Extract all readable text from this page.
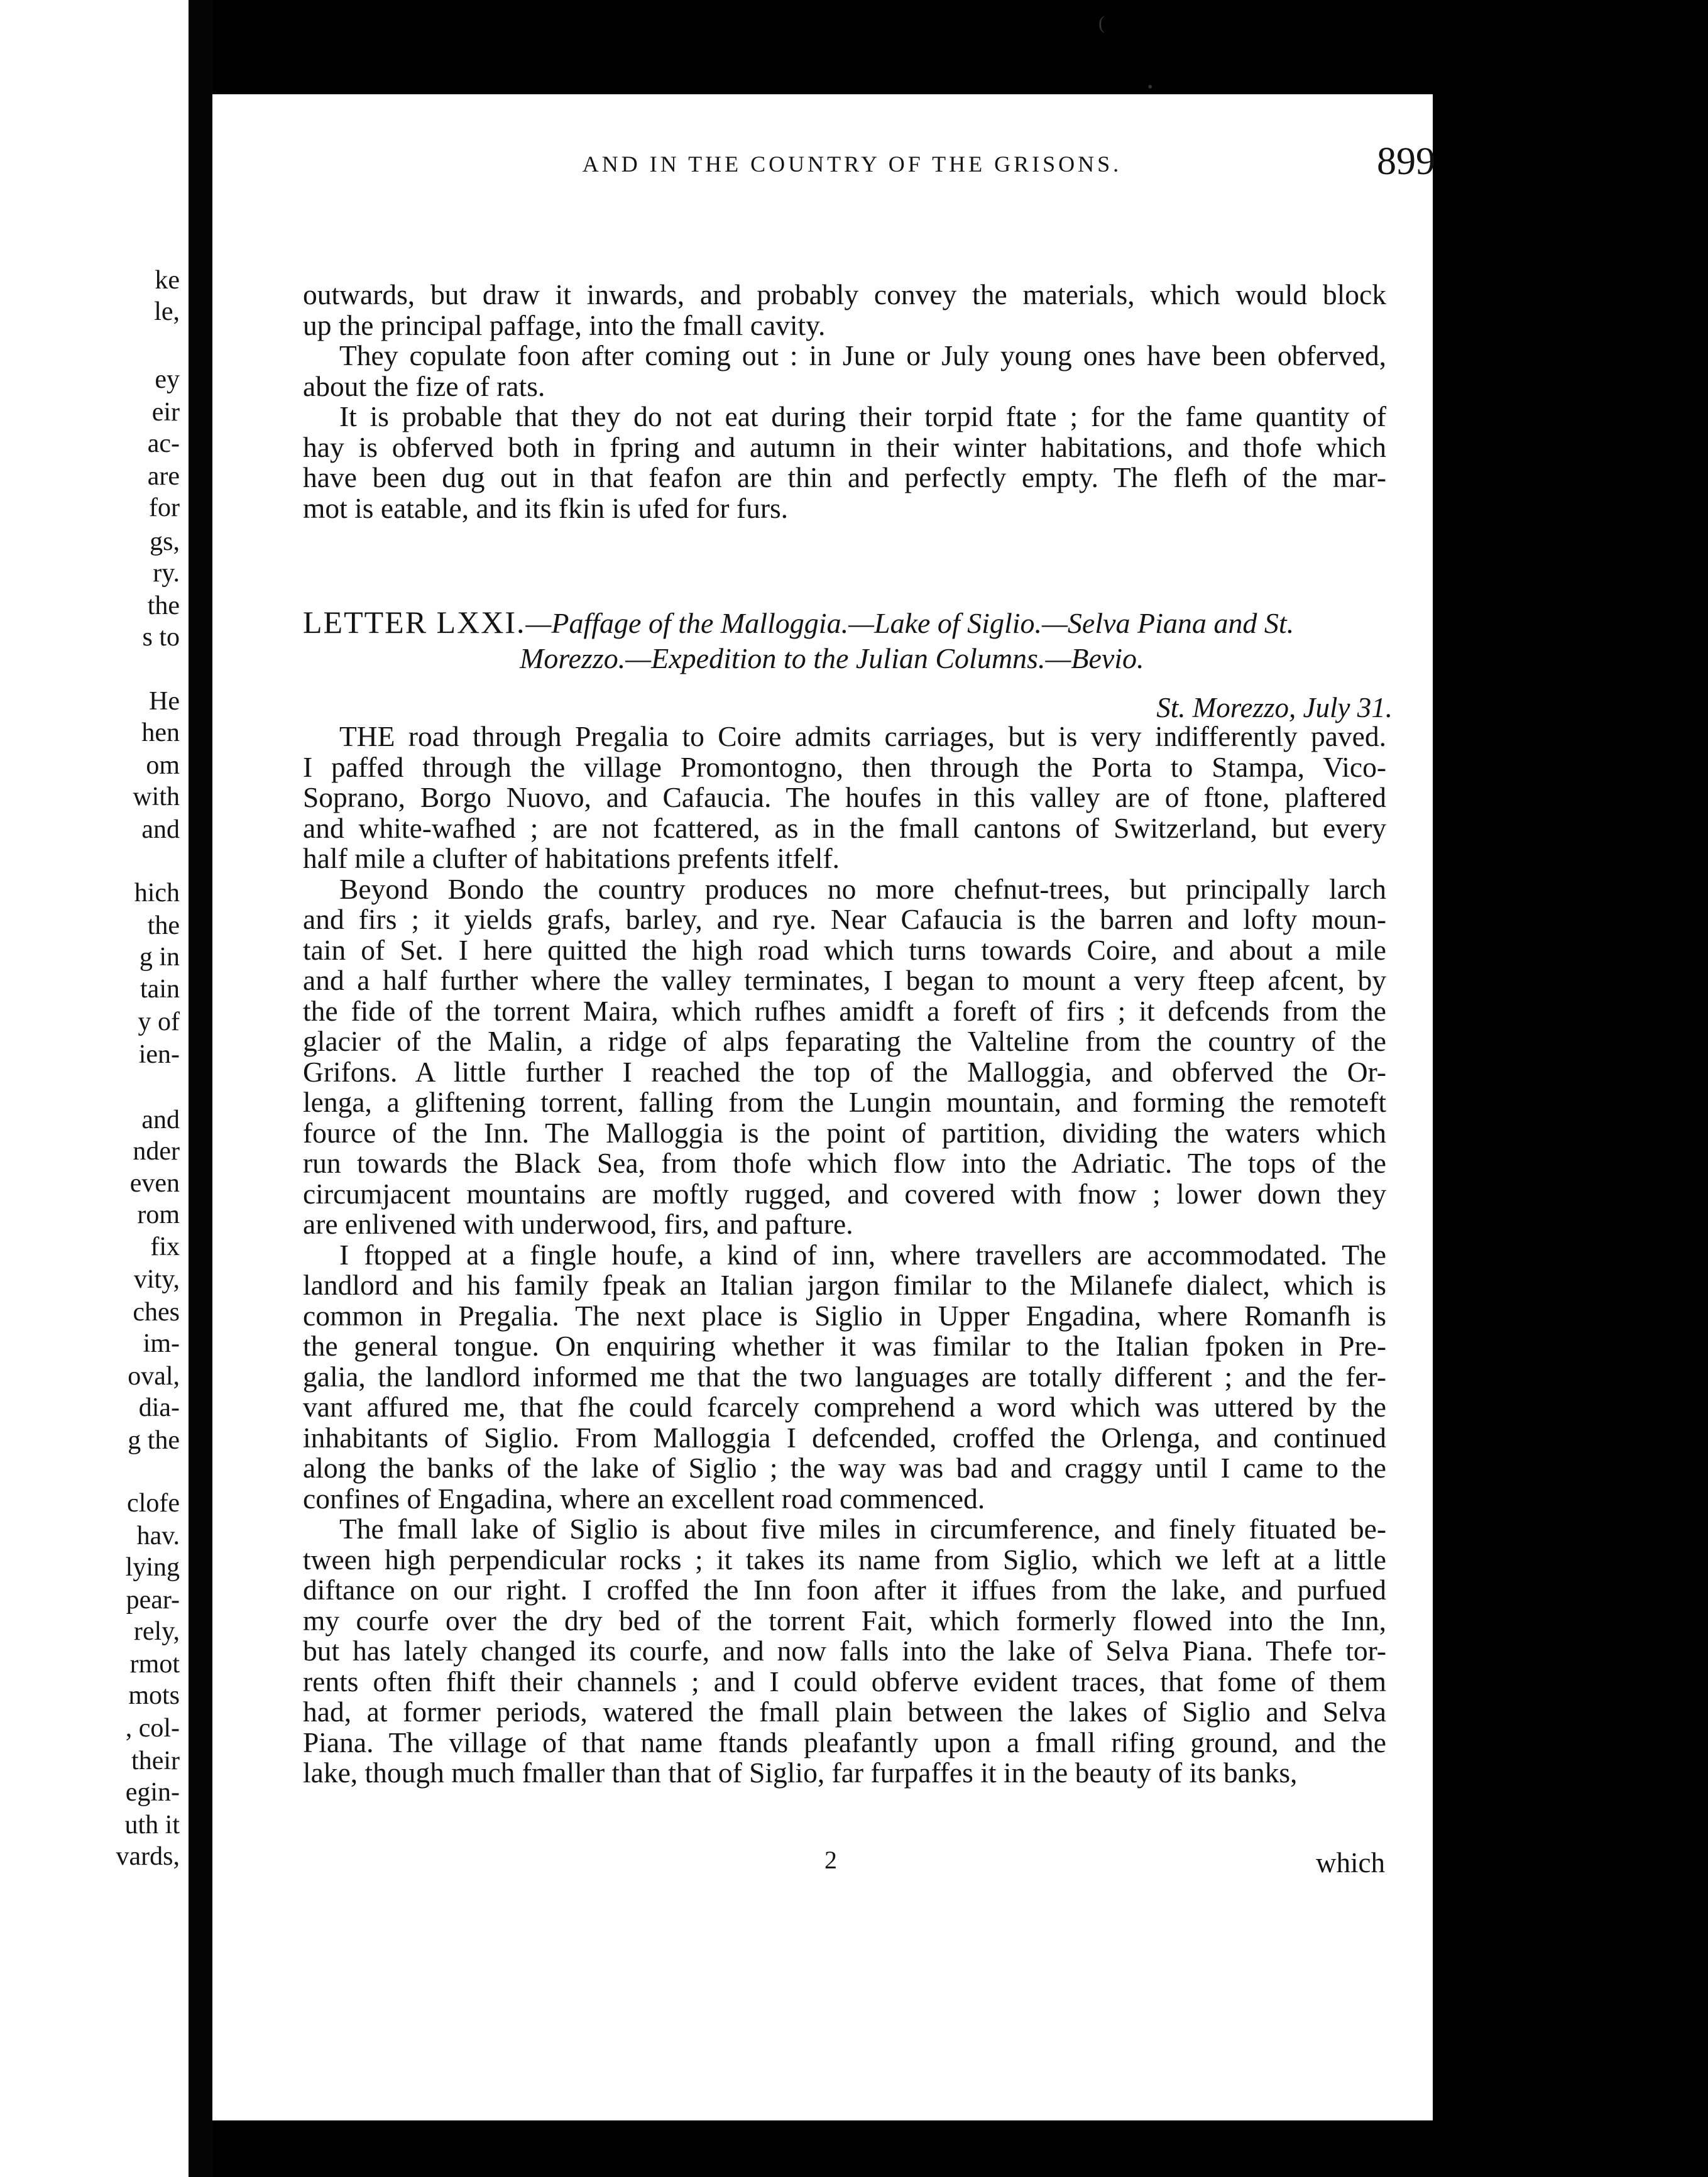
ke
le,
ey
eir
ac-
are
for
gs,
ry.
the
s to
He
hen
om
with
and
hich
the
g in
tain
y of
ien-
and
nder
even
rom
fix
vity,
ches
im-
oval,
dia-
g the
clofe
hav.
lying
pear-
rely,
rmot
mots
, col-
their
egin-
uth it
vards,
(
•
AND IN THE COUNTRY OF THE GRISONS.	899
outwards, but draw it inwards, and probably convey the materials, which would block
up the principal paffage, into the fmall cavity.
They copulate foon after coming out : in June or July young ones have been obferved,
about the fize of rats.
It is probable that they do not eat during their torpid ftate ; for the fame quantity of
hay is obferved both in fpring and autumn in their winter habitations, and thofe which
have been dug out in that feafon are thin and perfectly empty. The flefh of the mar-
mot is eatable, and its fkin is ufed for furs.
LETTER LXXI.—Paffage of the Malloggia.—Lake of Siglio.—Selva Piana and St.
Morezzo.—Expedition to the Julian Columns.—Bevio.
St. Morezzo, July 31.
THE road through Pregalia to Coire admits carriages, but is very indifferently paved.
I paffed through the village Promontogno, then through the Porta to Stampa, Vico-
Soprano, Borgo Nuovo, and Cafaucia. The houfes in this valley are of ftone, plaftered
and white-wafhed ; are not fcattered, as in the fmall cantons of Switzerland, but every
half mile a clufter of habitations prefents itfelf.
Beyond Bondo the country produces no more chefnut-trees, but principally larch
and firs ; it yields grafs, barley, and rye. Near Cafaucia is the barren and lofty moun-
tain of Set. I here quitted the high road which turns towards Coire, and about a mile
and a half further where the valley terminates, I began to mount a very fteep afcent, by
the fide of the torrent Maira, which rufhes amidft a foreft of firs ; it defcends from the
glacier of the Malin, a ridge of alps feparating the Valteline from the country of the
Grifons. A little further I reached the top of the Malloggia, and obferved the Or-
lenga, a gliftening torrent, falling from the Lungin mountain, and forming the remoteft
fource of the Inn. The Malloggia is the point of partition, dividing the waters which
run towards the Black Sea, from thofe which flow into the Adriatic. The tops of the
circumjacent mountains are moftly rugged, and covered with fnow ; lower down they
are enlivened with underwood, firs, and pafture.
I ftopped at a fingle houfe, a kind of inn, where travellers are accommodated. The
landlord and his family fpeak an Italian jargon fimilar to the Milanefe dialect, which is
common in Pregalia. The next place is Siglio in Upper Engadina, where Romanfh is
the general tongue. On enquiring whether it was fimilar to the Italian fpoken in Pre-
galia, the landlord informed me that the two languages are totally different ; and the fer-
vant affured me, that fhe could fcarcely comprehend a word which was uttered by the
inhabitants of Siglio. From Malloggia I defcended, croffed the Orlenga, and continued
along the banks of the lake of Siglio ; the way was bad and craggy until I came to the
confines of Engadina, where an excellent road commenced.
The fmall lake of Siglio is about five miles in circumference, and finely fituated be-
tween high perpendicular rocks ; it takes its name from Siglio, which we left at a little
diftance on our right. I croffed the Inn foon after it iffues from the lake, and purfued
my courfe over the dry bed of the torrent Fait, which formerly flowed into the Inn,
but has lately changed its courfe, and now falls into the lake of Selva Piana. Thefe tor-
rents often fhift their channels ; and I could obferve evident traces, that fome of them
had, at former periods, watered the fmall plain between the lakes of Siglio and Selva
Piana. The village of that name ftands pleafantly upon a fmall rifing ground, and the
lake, though much fmaller than that of Siglio, far furpaffes it in the beauty of its banks,
2	which
